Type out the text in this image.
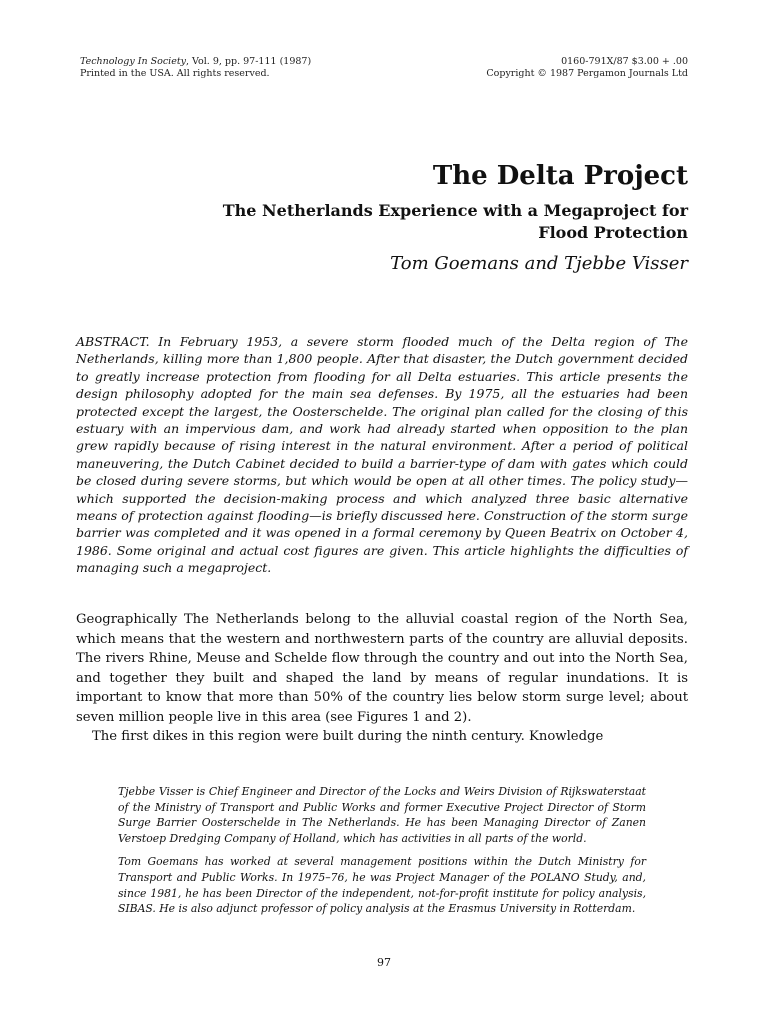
Technology In Society, Vol. 9, pp. 97-111 (1987)
Printed in the USA. All rights reserved.
0160-791X/87 $3.00 + .00
Copyright © 1987 Pergamon Journals Ltd
The Delta Project
The Netherlands Experience with a Megaproject for Flood Protection
Tom Goemans and Tjebbe Visser

ABSTRACT. In February 1953, a severe storm flooded much of the Delta region of The Netherlands, killing more than 1,800 people. After that disaster, the Dutch government decided to greatly increase protection from flooding for all Delta estuaries. This article presents the design philosophy adopted for the main sea defenses. By 1975, all the estuaries had been protected except the largest, the Oosterschelde. The original plan called for the closing of this estuary with an impervious dam, and work had already started when opposition to the plan grew rapidly because of rising interest in the natural environment. After a period of political maneuvering, the Dutch Cabinet decided to build a barrier-type of dam with gates which could be closed during severe storms, but which would be open at all other times. The policy study—which supported the decision-making process and which analyzed three basic alternative means of protection against flooding—is briefly discussed here. Construction of the storm surge barrier was completed and it was opened in a formal ceremony by Queen Beatrix on October 4, 1986. Some original and actual cost figures are given. This article highlights the difficulties of managing such a megaproject.

Geographically The Netherlands belong to the alluvial coastal region of the North Sea, which means that the western and northwestern parts of the country are alluvial deposits. The rivers Rhine, Meuse and Schelde flow through the country and out into the North Sea, and together they built and shaped the land by means of regular inundations. It is important to know that more than 50% of the country lies below storm surge level; about seven million people live in this area (see Figures 1 and 2).

The first dikes in this region were built during the ninth century. Knowledge

Tjebbe Visser is Chief Engineer and Director of the Locks and Weirs Division of Rijkswaterstaat of the Ministry of Transport and Public Works and former Executive Project Director of Storm Surge Barrier Oosterschelde in The Netherlands. He has been Managing Director of Zanen Verstoep Dredging Company of Holland, which has activities in all parts of the world.

Tom Goemans has worked at several management positions within the Dutch Ministry for Transport and Public Works. In 1975–76, he was Project Manager of the POLANO Study, and, since 1981, he has been Director of the independent, not-for-profit institute for policy analysis, SIBAS. He is also adjunct professor of policy analysis at the Erasmus University in Rotterdam.

97
